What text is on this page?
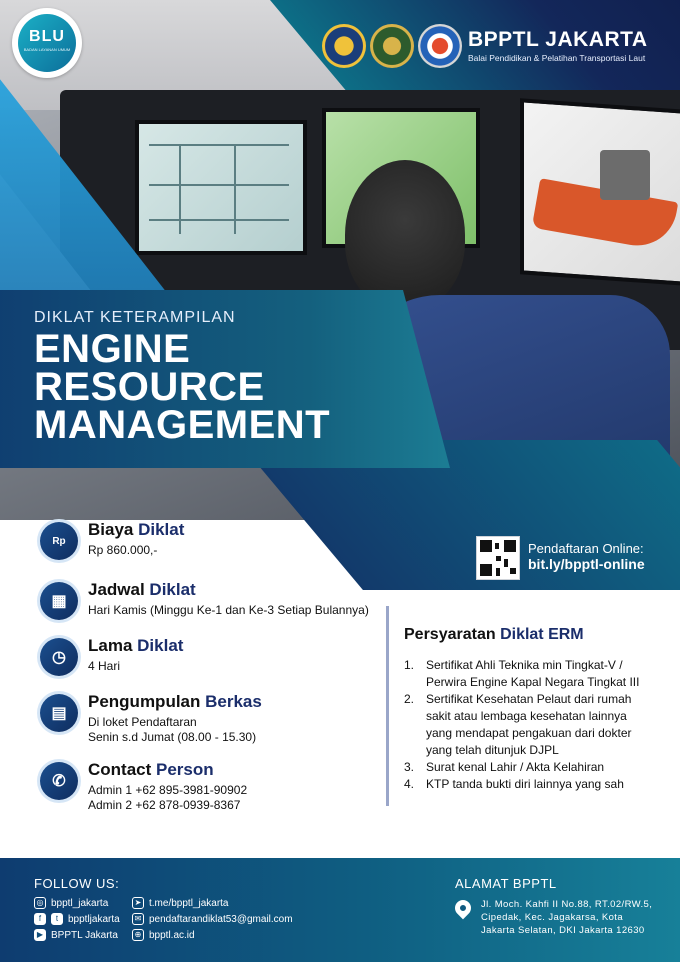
BLU
BADAN LAYANAN UMUM	BPPTL JAKARTA
Balai Pendidikan & Pelatihan Transportasi Laut
DIKLAT KETERAMPILAN
ENGINE
RESOURCE
MANAGEMENT
Pendaftaran Online:
bit.ly/bpptl-online
Rp
Biaya Diklat
Rp 860.000,-
▦
Jadwal Diklat
Hari Kamis (Minggu Ke-1 dan Ke-3 Setiap Bulannya)
◷
Lama Diklat
4 Hari
▤
Pengumpulan Berkas
Di loket Pendaftaran
Senin s.d Jumat (08.00 - 15.30)
✆
Contact Person
Admin 1 +62 895-3981-90902
Admin 2 +62 878-0939-8367
Persyaratan Diklat ERM
1. Sertifikat Ahli Teknika min Tingkat-V / Perwira Engine Kapal Negara Tingkat III
2. Sertifikat Kesehatan Pelaut dari rumah sakit atau lembaga kesehatan lainnya yang mendapat pengakuan dari dokter yang telah ditunjuk DJPL
3. Surat kenal Lahir / Akta Kelahiran
4. KTP tanda bukti diri lainnya yang sah
FOLLOW US:
◎ bpptl_jakarta
f	t bpptljakarta
▶ BPPTL Jakarta
➤ t.me/bpptl_jakarta
✉ pendaftarandiklat53@gmail.com
⊕ bpptl.ac.id
ALAMAT BPPTL
Jl. Moch. Kahfi II No.88, RT.02/RW.5, Cipedak, Kec. Jagakarsa, Kota Jakarta Selatan, DKI Jakarta 12630
